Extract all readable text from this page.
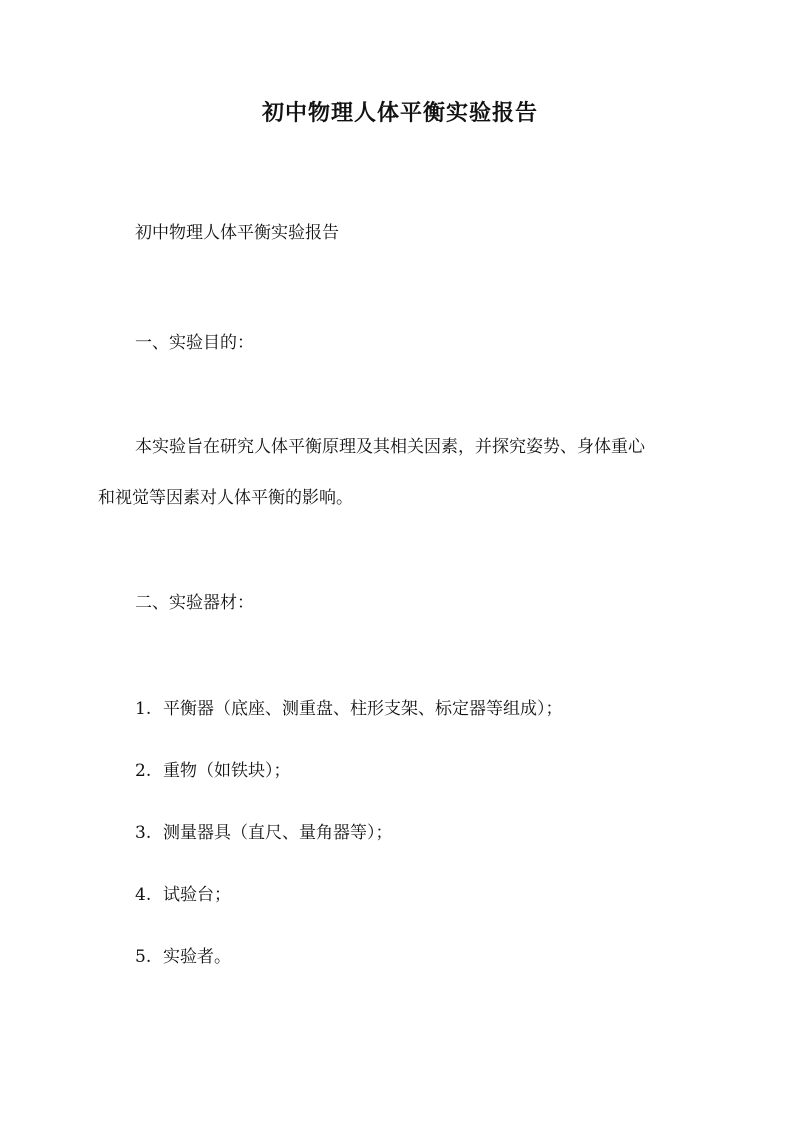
初中物理人体平衡实验报告
初中物理人体平衡实验报告
一、实验目的：
本实验旨在研究人体平衡原理及其相关因素，并探究姿势、身体重心
和视觉等因素对人体平衡的影响。
二、实验器材：
1. 平衡器（底座、测重盘、柱形支架、标定器等组成）；
2. 重物（如铁块）；
3. 测量器具（直尺、量角器等）；
4. 试验台；
5. 实验者。
